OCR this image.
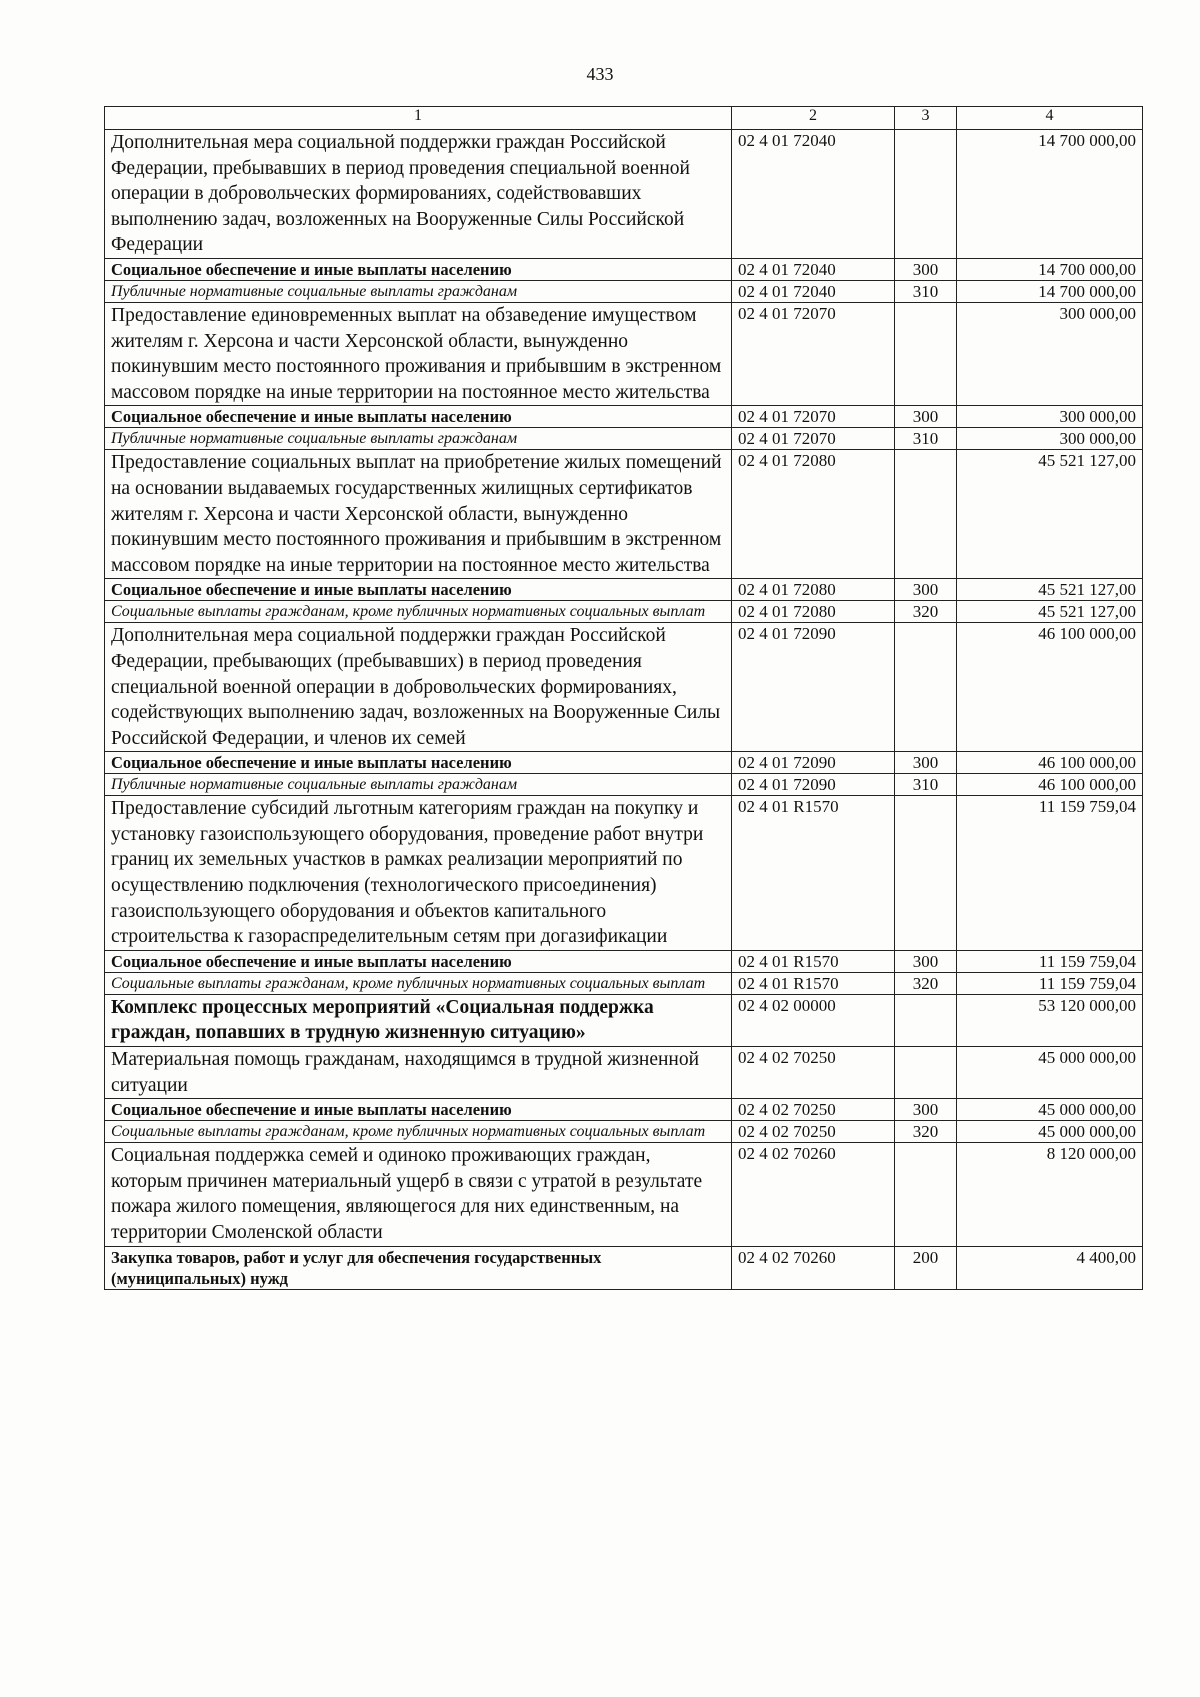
433
1	2	3	4
Дополнительная мера социальной поддержки граждан Российской Федерации, пребывавших в период проведения специальной военной операции в добровольческих формированиях, содействовавших выполнению задач, возложенных на Вооруженные Силы Российской Федерации	02 4 01 72040		14 700 000,00
Социальное обеспечение и иные выплаты населению	02 4 01 72040	300	14 700 000,00
Публичные нормативные социальные выплаты гражданам	02 4 01 72040	310	14 700 000,00
Предоставление единовременных выплат на обзаведение имуществом жителям г. Херсона и части Херсонской области, вынужденно покинувшим место постоянного проживания и прибывшим в экстренном массовом порядке на иные территории на постоянное место жительства	02 4 01 72070		300 000,00
Социальное обеспечение и иные выплаты населению	02 4 01 72070	300	300 000,00
Публичные нормативные социальные выплаты гражданам	02 4 01 72070	310	300 000,00
Предоставление социальных выплат на приобретение жилых помещений на основании выдаваемых государственных жилищных сертификатов жителям г. Херсона и части Херсонской области, вынужденно покинувшим место постоянного проживания и прибывшим в экстренном массовом порядке на иные территории на постоянное место жительства	02 4 01 72080		45 521 127,00
Социальное обеспечение и иные выплаты населению	02 4 01 72080	300	45 521 127,00
Социальные выплаты гражданам, кроме публичных нормативных социальных выплат	02 4 01 72080	320	45 521 127,00
Дополнительная мера социальной поддержки граждан Российской Федерации, пребывающих (пребывавших) в период проведения специальной военной операции в добровольческих формированиях, содействующих выполнению задач, возложенных на Вооруженные Силы Российской Федерации, и членов их семей	02 4 01 72090		46 100 000,00
Социальное обеспечение и иные выплаты населению	02 4 01 72090	300	46 100 000,00
Публичные нормативные социальные выплаты гражданам	02 4 01 72090	310	46 100 000,00
Предоставление субсидий льготным категориям граждан на покупку и установку газоиспользующего оборудования, проведение работ внутри границ их земельных участков в рамках реализации мероприятий по осуществлению подключения (технологического присоединения) газоиспользующего оборудования и объектов капитального строительства к газораспределительным сетям при догазификации	02 4 01 R1570		11 159 759,04
Социальное обеспечение и иные выплаты населению	02 4 01 R1570	300	11 159 759,04
Социальные выплаты гражданам, кроме публичных нормативных социальных выплат	02 4 01 R1570	320	11 159 759,04
Комплекс процессных мероприятий «Социальная поддержка граждан, попавших в трудную жизненную ситуацию»	02 4 02 00000		53 120 000,00
Материальная помощь гражданам, находящимся в трудной жизненной ситуации	02 4 02 70250		45 000 000,00
Социальное обеспечение и иные выплаты населению	02 4 02 70250	300	45 000 000,00
Социальные выплаты гражданам, кроме публичных нормативных социальных выплат	02 4 02 70250	320	45 000 000,00
Социальная поддержка семей и одиноко проживающих граждан, которым причинен материальный ущерб в связи с утратой в результате пожара жилого помещения, являющегося для них единственным, на территории Смоленской области	02 4 02 70260		8 120 000,00
Закупка товаров, работ и услуг для обеспечения государственных (муниципальных) нужд	02 4 02 70260	200	4 400,00
